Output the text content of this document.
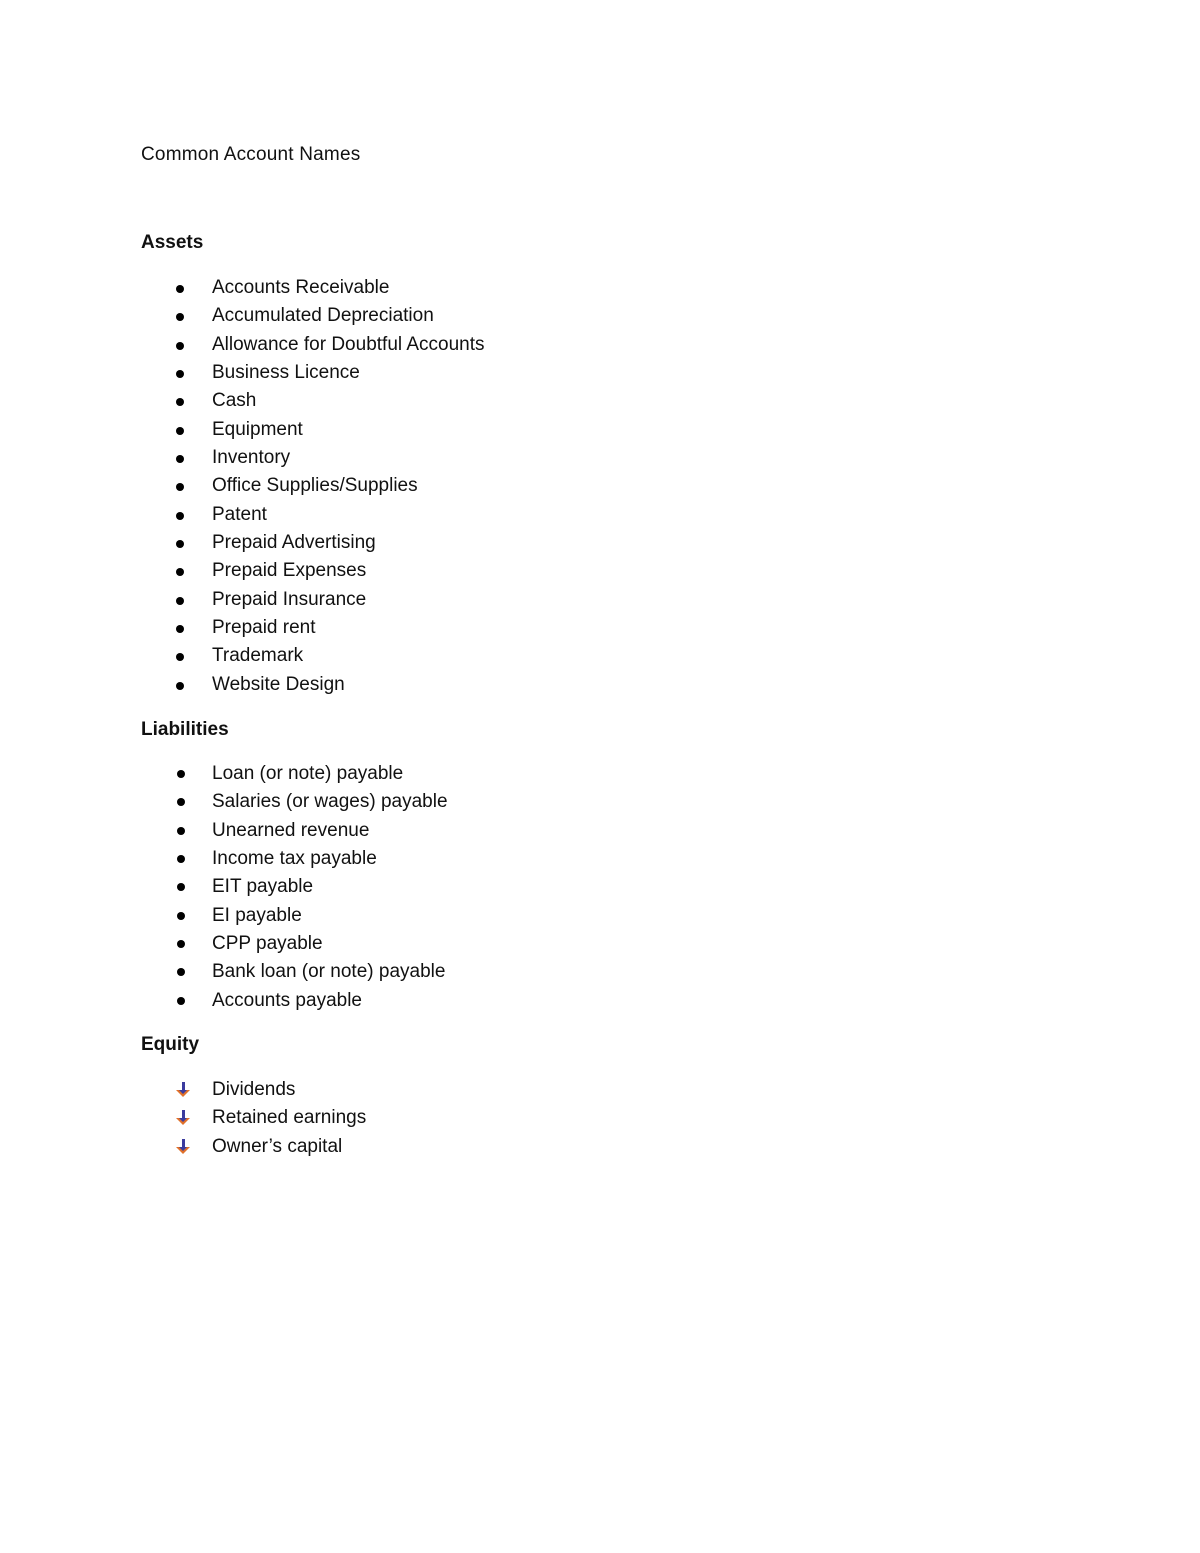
Common Account Names
Assets
Accounts Receivable
Accumulated Depreciation
Allowance for Doubtful Accounts
Business Licence
Cash
Equipment
Inventory
Office Supplies/Supplies
Patent
Prepaid Advertising
Prepaid Expenses
Prepaid Insurance
Prepaid rent
Trademark
Website Design
Liabilities
Loan (or note) payable
Salaries (or wages) payable
Unearned revenue
Income tax payable
EIT payable
EI payable
CPP payable
Bank loan (or note) payable
Accounts payable
Equity
Dividends
Retained earnings
Owner’s capital
